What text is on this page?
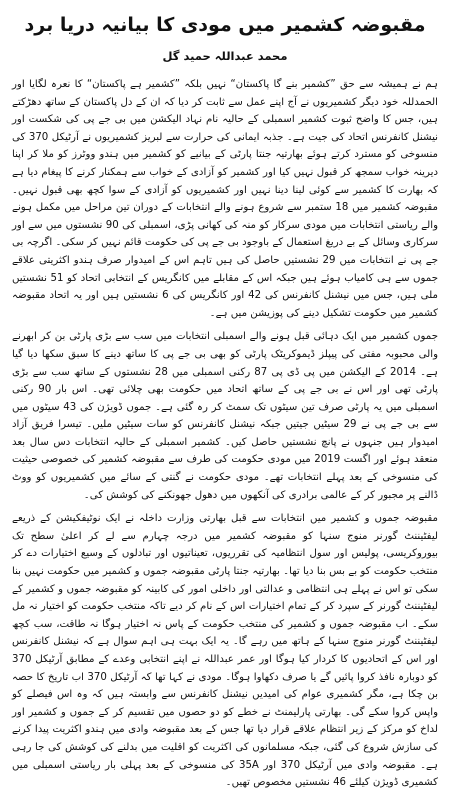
مقبوضہ کشمیر میں مودی کا بیانیہ دریا برد
محمد عبداللہ حمید گل

ہم نے ہمیشہ سے حق ”کشمیر بنے گا پاکستان“ نہیں بلکہ ”کشمیر ہے پاکستان“ کا نعرہ لگایا اور الحمدللہ خود دیگر کشمیریوں نے آج اپنے عمل سے ثابت کر دیا کہ ان کے دل پاکستان کے ساتھ دھڑکتے ہیں، جس کا واضح ثبوت کشمیر اسمبلی کے حالیہ نام نہاد الیکشن میں بی جے پی کی شکست اور نیشنل کانفرنس اتحاد کی جیت ہے۔ جذبہ ایمانی کی حرارت سے لبریز کشمیریوں نے آرٹیکل 370 کی منسوخی کو مسترد کرتے ہوئے بھارتیہ جنتا پارٹی کے بیانیے کو کشمیر میں ہندو ووٹرز کو ملا کر اپنا دیرینہ خواب سمجھ کر قبول نہیں کیا اور کشمیر کو آزادی کے خواب سے ہمکنار کرنے کا پیغام دیا ہے کہ بھارت کا کشمیر سے کوئی لینا دینا نہیں اور کشمیریوں کو آزادی کے سوا کچھ بھی قبول نہیں۔ مقبوضہ کشمیر میں 18 ستمبر سے شروع ہونے والے انتخابات کے دوران تین مراحل میں مکمل ہونے والے ریاستی انتخابات میں مودی سرکار کو منہ کی کھانی پڑی، اسمبلی کی 90 نشستوں میں سے اور سرکاری وسائل کے بے دریغ استعمال کے باوجود بی جے پی کی حکومت قائم نہیں کر سکی۔ اگرچہ بی جے پی نے انتخابات میں 29 نشستیں حاصل کی ہیں تاہم اس کے امیدوار صرف ہندو اکثریتی علاقے جموں سے ہی کامیاب ہوئے ہیں جبکہ اس کے مقابلے میں کانگریس کے انتخابی اتحاد کو 51 نشستیں ملی ہیں، جس میں نیشنل کانفرنس کی 42 اور کانگریس کی 6 نشستیں ہیں اور یہ اتحاد مقبوضہ کشمیر میں حکومت تشکیل دینے کی پوزیشن میں ہے۔

جموں کشمیر میں ایک دہائی قبل ہونے والے اسمبلی انتخابات میں سب سے بڑی پارٹی بن کر ابھرنے والی محبوبہ مفتی کی پیپلز ڈیموکریٹک پارٹی کو بھی بی جے پی کا ساتھ دینے کا سبق سکھا دیا گیا ہے۔ 2014 کے الیکشن میں پی ڈی پی 87 رکنی اسمبلی میں 28 نشستوں کے ساتھ سب سے بڑی پارٹی تھی اور اس نے بی جے پی کے ساتھ اتحاد میں حکومت بھی چلائی تھی۔ اس بار 90 رکنی اسمبلی میں یہ پارٹی صرف تین سیٹوں تک سمٹ کر رہ گئی ہے۔ جموں ڈویژن کی 43 سیٹوں میں سے بی جے پی نے 29 سیٹیں جیتیں جبکہ نیشنل کانفرنس کو سات سیٹیں ملیں۔ تیسرا فریق آزاد امیدوار ہیں جنہوں نے پانچ نشستیں حاصل کیں۔ کشمیر اسمبلی کے حالیہ انتخابات دس سال بعد منعقد ہوئے اور اگست 2019 میں مودی حکومت کی طرف سے مقبوضہ کشمیر کی خصوصی حیثیت کی منسوخی کے بعد پہلے انتخابات تھے۔ مودی حکومت نے گنتی کے سائے میں کشمیریوں کو ووٹ ڈالنے پر مجبور کر کے عالمی برادری کی آنکھوں میں دھول جھونکنے کی کوشش کی۔

مقبوضہ جموں و کشمیر میں انتخابات سے قبل بھارتی وزارت داخلہ نے ایک نوٹیفکیشن کے ذریعے لیفٹیننٹ گورنر منوج سنہا کو مقبوضہ کشمیر میں درجہ چہارم سے لے کر اعلیٰ سطح تک بیوروکریسی، پولیس اور سول انتظامیہ کی تقرریوں، تعیناتیوں اور تبادلوں کے وسیع اختیارات دے کر منتخب حکومت کو بے بس بنا دیا تھا۔ بھارتیہ جنتا پارٹی مقبوضہ جموں و کشمیر میں حکومت نہیں بنا سکی تو اس نے پہلے ہی انتظامی و عدالتی اور داخلی امور کی کابینہ کو مقبوضہ جموں و کشمیر کے لیفٹیننٹ گورنر کے سپرد کر کے تمام اختیارات اس کے نام کر دیے تاکہ منتخب حکومت کو اختیار نہ مل سکے۔ اب مقبوضہ جموں و کشمیر کی منتخب حکومت کے پاس نہ اختیار ہوگا نہ طاقت، سب کچھ لیفٹیننٹ گورنر منوج سنہا کے ہاتھ میں رہے گا۔ یہ ایک بہت ہی اہم سوال ہے کہ نیشنل کانفرنس اور اس کے اتحادیوں کا کردار کیا ہوگا اور عمر عبداللہ نے اپنے انتخابی وعدے کے مطابق آرٹیکل 370 کو دوبارہ نافذ کروا پائیں گے یا صرف دکھاوا ہوگا۔ مودی نے کہا تھا کہ آرٹیکل 370 اب تاریخ کا حصہ بن چکا ہے، مگر کشمیری عوام کی امیدیں نیشنل کانفرنس سے وابستہ ہیں کہ وہ اس فیصلے کو واپس کروا سکے گی۔ بھارتی پارلیمنٹ نے خطے کو دو حصوں میں تقسیم کر کے جموں و کشمیر اور لداخ کو مرکز کے زیر انتظام علاقے قرار دیا تھا جس کے بعد مقبوضہ وادی میں ہندو اکثریت پیدا کرنے کی سازش شروع کی گئی، جبکہ مسلمانوں کی اکثریت کو اقلیت میں بدلنے کی کوشش کی جا رہی ہے۔ مقبوضہ وادی میں آرٹیکل 370 اور 35A کی منسوخی کے بعد پہلی بار ریاستی اسمبلی میں کشمیری ڈویژن کیلئے 46 نشستیں مخصوص تھیں۔
